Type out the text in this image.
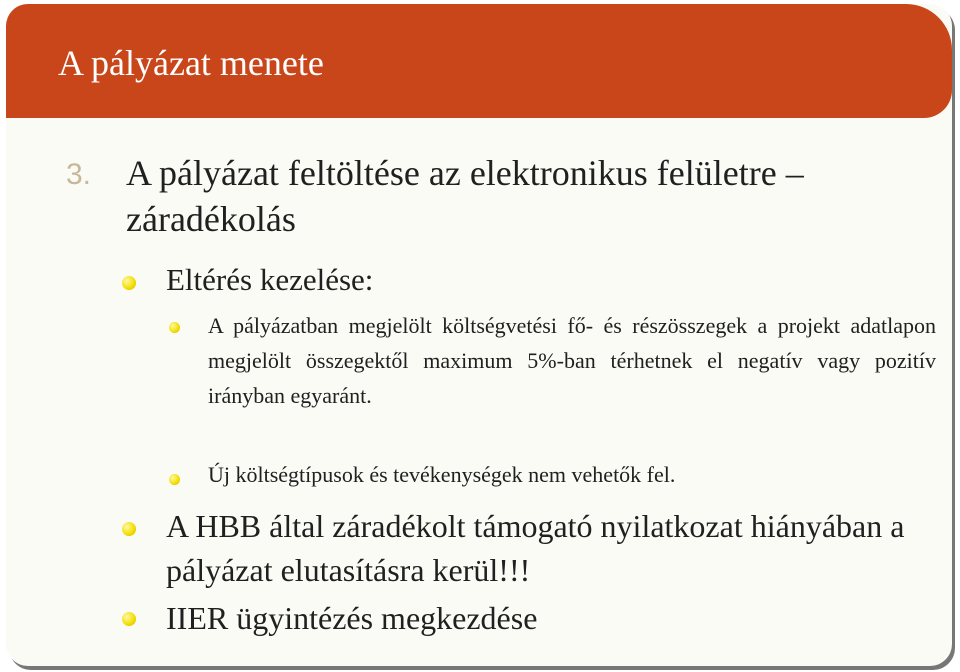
A pályázat menete
3. A pályázat feltöltése az elektronikus felületre – záradékolás
Eltérés kezelése:
A pályázatban megjelölt költségvetési fő- és részösszegek a projekt adatlapon megjelölt összegektől maximum 5%-ban térhetnek el negatív vagy pozitív irányban egyaránt.
Új költségtípusok és tevékenységek nem vehetők fel.
A HBB által záradékolt támogató nyilatkozat hiányában a pályázat elutasításra kerül!!!
IIER ügyintézés megkezdése
